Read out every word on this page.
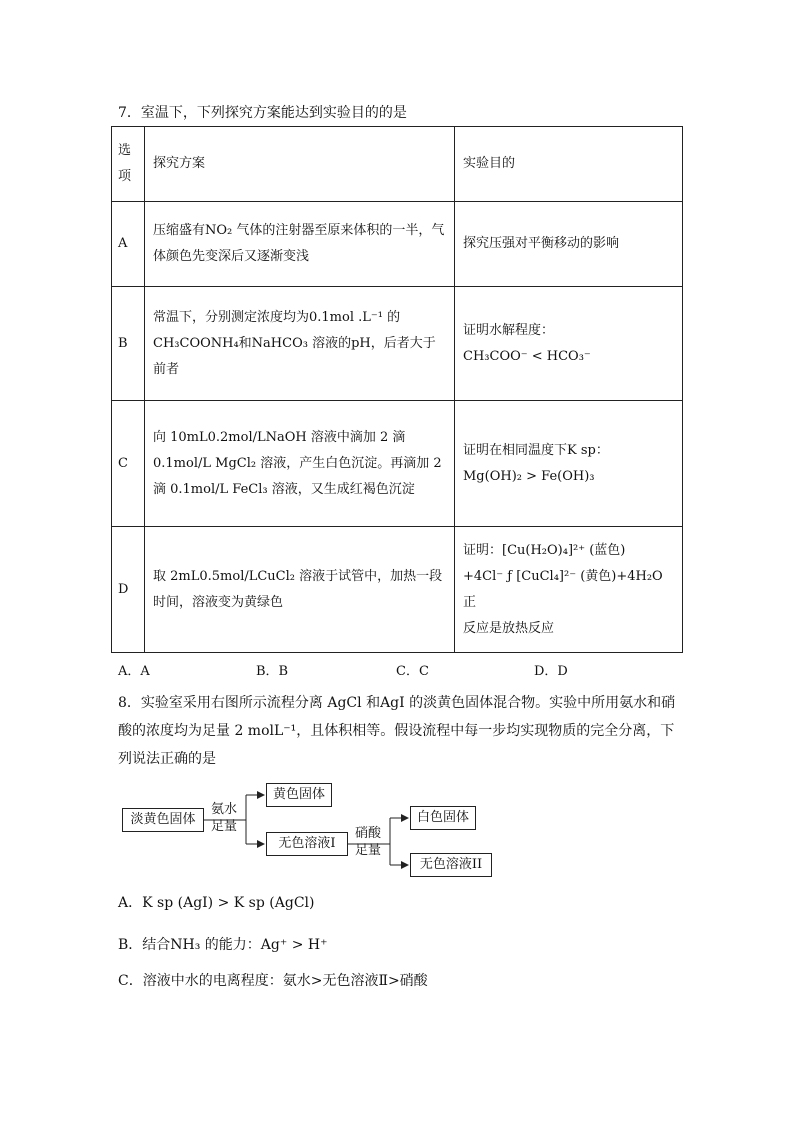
7．室温下，下列探究方案能达到实验目的的是
选项	探究方案	实验目的
A	压缩盛有NO₂ 气体的注射器至原来体积的一半，气体颜色先变深后又逐渐变浅	探究压强对平衡移动的影响
B	常温下，分别测定浓度均为0.1mol .L⁻¹ 的 CH₃COONH₄和NaHCO₃ 溶液的pH，后者大于前者	证明水解程度：
CH₃COO⁻ < HCO₃⁻

C	向 10mL0.2mol/LNaOH 溶液中滴加 2 滴 0.1mol/L MgCl₂ 溶液，产生白色沉淀。再滴加 2 滴 0.1mol/L FeCl₃ 溶液，又生成红褐色沉淀	证明在相同温度下K sp：
Mg(OH)₂ > Fe(OH)₃

D	取 2mL0.5mol/LCuCl₂ 溶液于试管中，加热一段时间，溶液变为黄绿色	证明：[Cu(H₂O)₄]²⁺ (蓝色)
+4Cl⁻ ƒ [CuCl₄]²⁻ (黄色)+4H₂O 正
反应是放热反应
A．A	B．B	C．C	D．D
8．实验室采用右图所示流程分离 AgCl 和AgI 的淡黄色固体混合物。实验中所用氨水和硝
酸的浓度均为足量 2 molL⁻¹，且体积相等。假设流程中每一步均实现物质的完全分离，下
列说法正确的是
淡黄色固体
氨水
足量
黄色固体
无色溶液I
硝酸
足量
白色固体
无色溶液II
A．K sp (AgI) > K sp (AgCl)
B．结合NH₃ 的能力：Ag⁺ > H⁺
C．溶液中水的电离程度：氨水>无色溶液Ⅱ>硝酸
